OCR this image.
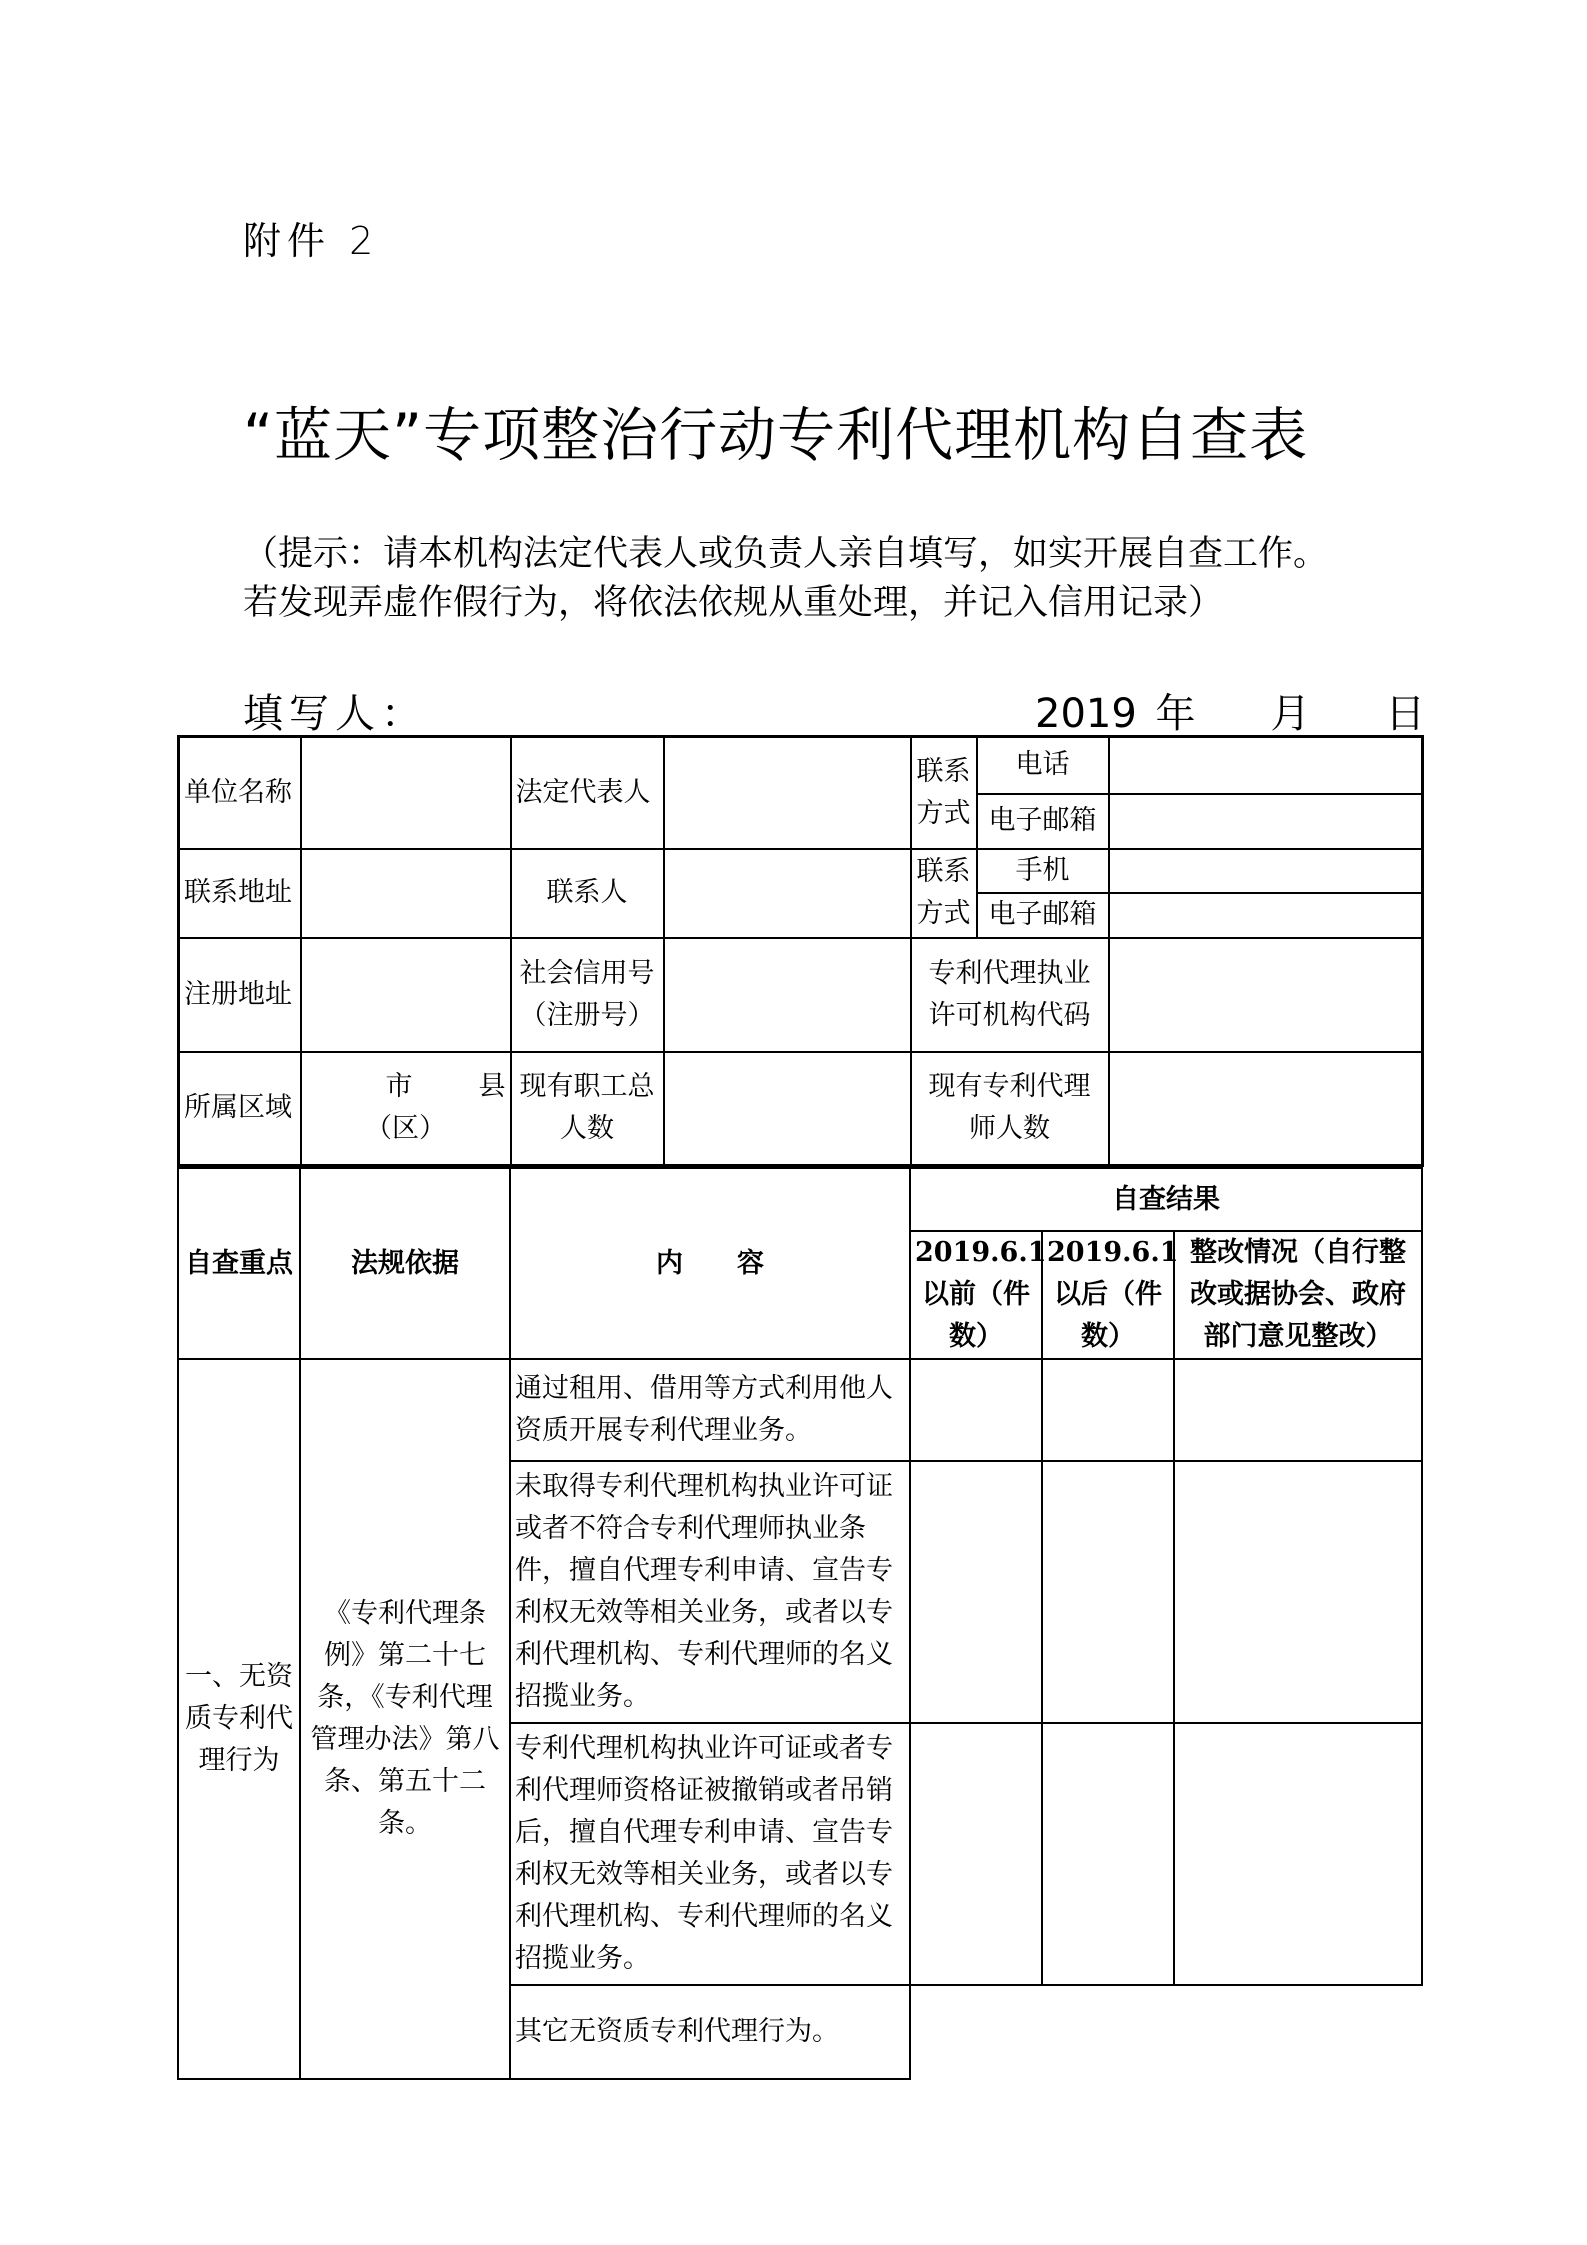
附件 2
“蓝天”专项整治行动专利代理机构自查表
（提示：请本机构法定代表人或负责人亲自填写，如实开展自查工作。
若发现弄虚作假行为，将依法依规从重处理，并记入信用记录）
填写人：	2019 年    月    日
单位名称		法定代表人		联系方式	电话	
					电子邮箱	
联系地址		联系人		联系方式	手机	
					电子邮箱	
注册地址		社会信用号（注册号）		专利代理执业许可机构代码		
所属区域	市 县
（区）	现有职工总人数		现有专利代理师人数		
自查重点	法规依据	内　　容	自查结果		
			2019.6.1以前（件数）	2019.6.1以后（件数）	整改情况（自行整改或据协会、政府部门意见整改）
一、无资质专利代理行为	《专利代理条例》第二十七条，《专利代理管理办法》第八条、第五十二条。	通过租用、借用等方式利用他人资质开展专利代理业务。			
		未取得专利代理机构执业许可证或者不符合专利代理师执业条件，擅自代理专利申请、宣告专利权无效等相关业务，或者以专利代理机构、专利代理师的名义招揽业务。			
		专利代理机构执业许可证或者专利代理师资格证被撤销或者吊销后，擅自代理专利申请、宣告专利权无效等相关业务，或者以专利代理机构、专利代理师的名义招揽业务。			
		其它无资质专利代理行为。			
